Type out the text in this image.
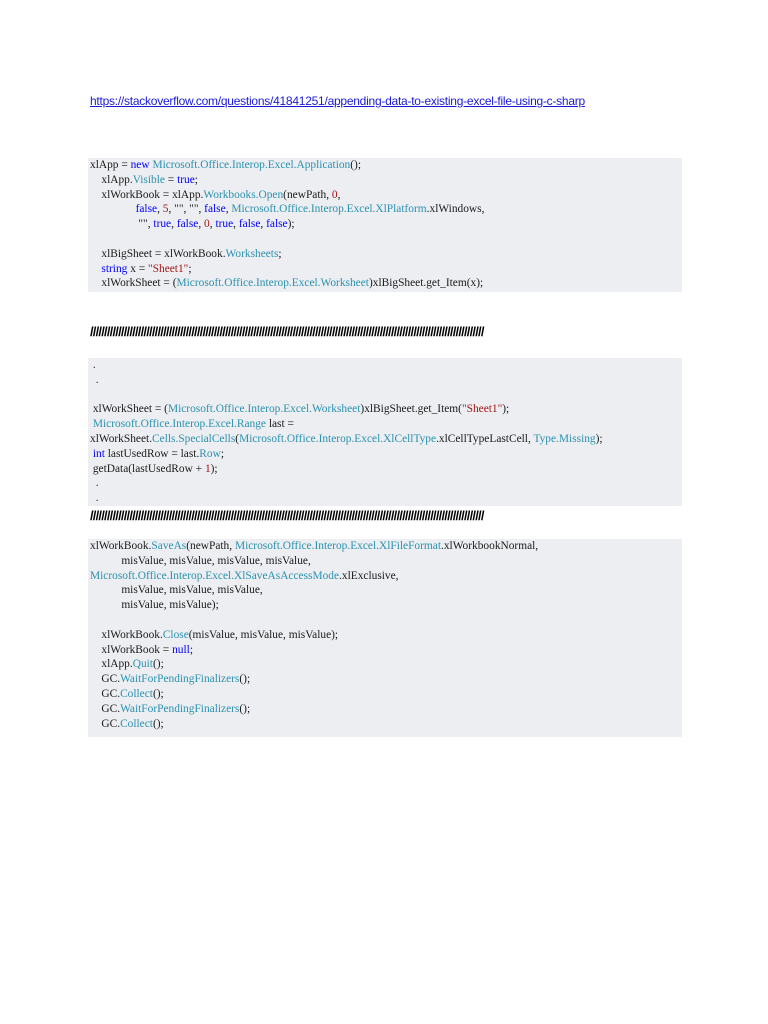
https://stackoverflow.com/questions/41841251/appending-data-to-existing-excel-file-using-c-sharp
xlApp = new Microsoft.Office.Interop.Excel.Application();
xlApp.Visible = true;
xlWorkBook = xlApp.Workbooks.Open(newPath, 0,
false, 5, "", "", false, Microsoft.Office.Interop.Excel.XlPlatform.xlWindows,
"", true, false, 0, true, false, false);
xlBigSheet = xlWorkBook.Worksheets;
string x = "Sheet1";
xlWorkSheet = (Microsoft.Office.Interop.Excel.Worksheet)xlBigSheet.get_Item(x);
////////////////////////////////////////////////////////////////////////////////////////////////////////////////////////////////////////////
.
.
xlWorkSheet = (Microsoft.Office.Interop.Excel.Worksheet)xlBigSheet.get_Item("Sheet1");
Microsoft.Office.Interop.Excel.Range last =
xlWorkSheet.Cells.SpecialCells(Microsoft.Office.Interop.Excel.XlCellType.xlCellTypeLastCell, Type.Missing);
int lastUsedRow = last.Row;
getData(lastUsedRow + 1);
.
.
////////////////////////////////////////////////////////////////////////////////////////////////////////////////////////////////////////////
xlWorkBook.SaveAs(newPath, Microsoft.Office.Interop.Excel.XlFileFormat.xlWorkbookNormal,
misValue, misValue, misValue, misValue,
Microsoft.Office.Interop.Excel.XlSaveAsAccessMode.xlExclusive,
misValue, misValue, misValue,
misValue, misValue);
xlWorkBook.Close(misValue, misValue, misValue);
xlWorkBook = null;
xlApp.Quit();
GC.WaitForPendingFinalizers();
GC.Collect();
GC.WaitForPendingFinalizers();
GC.Collect();
